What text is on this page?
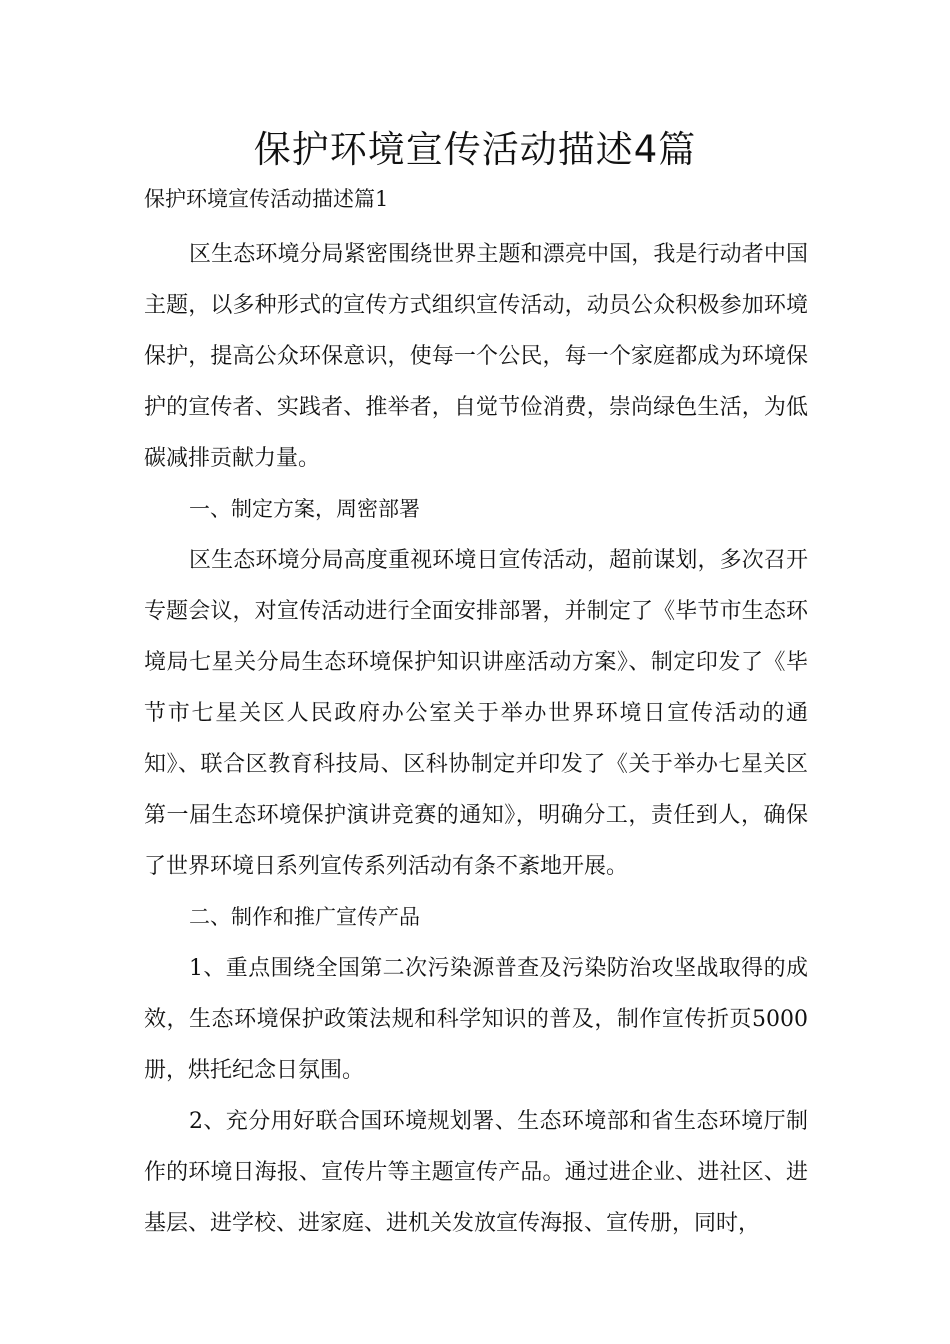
保护环境宣传活动描述4篇

保护环境宣传活动描述篇1

区生态环境分局紧密围绕世界主题和漂亮中国，我是行动者中国主题，以多种形式的宣传方式组织宣传活动，动员公众积极参加环境保护，提高公众环保意识，使每一个公民，每一个家庭都成为环境保护的宣传者、实践者、推举者，自觉节俭消费，崇尚绿色生活，为低碳减排贡献力量。

一、制定方案，周密部署

区生态环境分局高度重视环境日宣传活动，超前谋划，多次召开专题会议，对宣传活动进行全面安排部署，并制定了《毕节市生态环境局七星关分局生态环境保护知识讲座活动方案》、制定印发了《毕节市七星关区人民政府办公室关于举办世界环境日宣传活动的通知》、联合区教育科技局、区科协制定并印发了《关于举办七星关区第一届生态环境保护演讲竞赛的通知》，明确分工，责任到人，确保了世界环境日系列宣传系列活动有条不紊地开展。

二、制作和推广宣传产品

1、重点围绕全国第二次污染源普查及污染防治攻坚战取得的成效，生态环境保护政策法规和科学知识的普及，制作宣传折页5000册，烘托纪念日氛围。

2、充分用好联合国环境规划署、生态环境部和省生态环境厅制作的环境日海报、宣传片等主题宣传产品。通过进企业、进社区、进基层、进学校、进家庭、进机关发放宣传海报、宣传册，同时，
